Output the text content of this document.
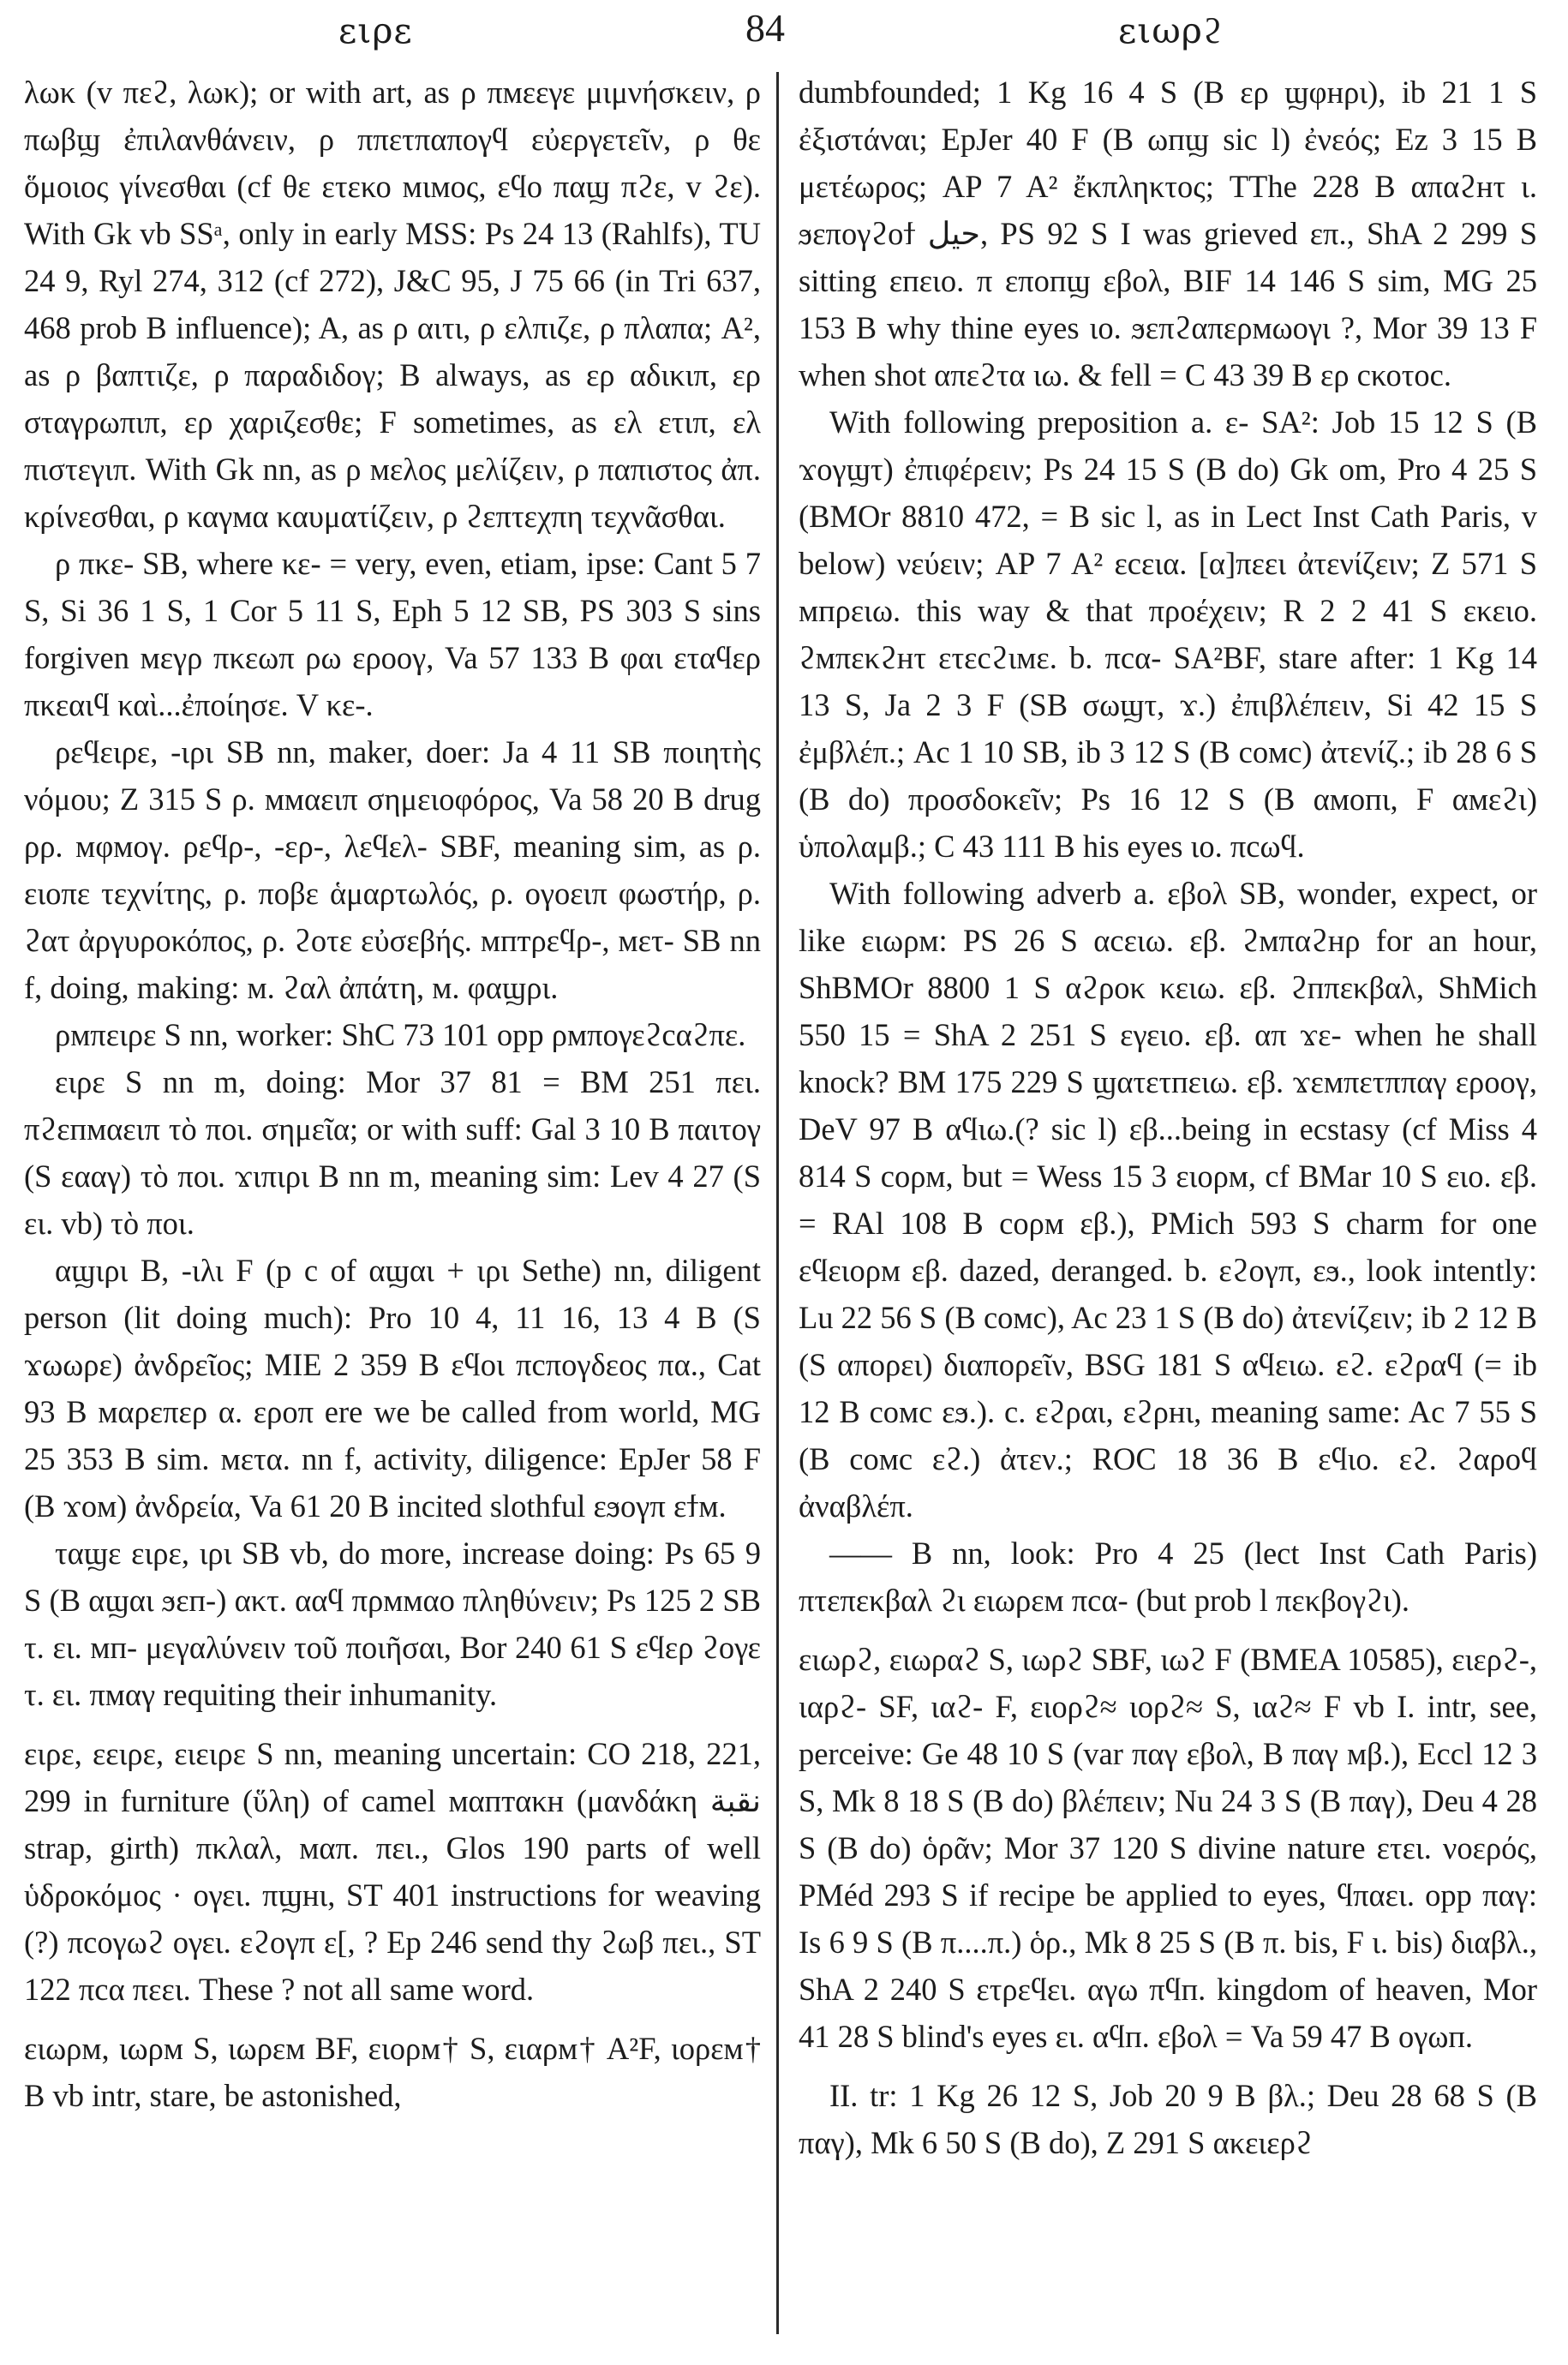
ειρε	84	ειωρϩ

λωκ (v πεϩ, λωκ); or with art, as ρ πмεεγε μιμνήσκειν, ρ πωβϣ ἐπιλανθάνειν, ρ ππετπαπογϥ εὐεργετεῖν, ρ θε ὅμοιος γίνεσθαι (cf θε ετεκο мιмος, εϥο παϣ πϩε, v ϩε). With Gk vb SSᵃ, only in early MSS: Ps 24 13 (Rahlfs), TU 24 9, Ryl 274, 312 (cf 272), J&C 95, J 75 66 (in Tri 637, 468 prob B influence); A, as ρ αιτι, ρ ελπιζε, ρ πλαπα; A², as ρ βαπτιζε, ρ παραδιδογ; B always, as ερ αδικιπ, ερ σταγρωπιπ, ερ χαριζεσθε; F sometimes, as ελ ετιπ, ελ πιστεγιπ. With Gk nn, as ρ мελος μελίζειν, ρ παπιστος ἀπ. κρίνεσθαι, ρ καγмα καυματίζειν, ρ ϩεπτεχπη τεχνᾶσθαι.

ρ πκε- SB, where κε- = very, even, etiam, ipse: Cant 5 7 S, Si 36 1 S, 1 Cor 5 11 S, Eph 5 12 SB, PS 303 S sins forgiven мεγρ πκεωπ ρω εροογ, Va 57 133 B φαι εταϥερ πκεαιϥ καὶ...ἐποίησε. V κε-.

ρεϥειρε, -ιρι SB nn, maker, doer: Ja 4 11 SB ποιητὴς νόμου; Z 315 S ρ. ммαειπ σημειοφόρος, Va 58 20 B drug ρρ. мφмογ. ρεϥρ-, -ερ-, λεϥελ- SBF, meaning sim, as ρ. ειοπε τεχνίτης, ρ. ποβε ἁμαρτωλός, ρ. ογοειπ φωστήρ, ρ. ϩατ ἀργυροκόπος, ρ. ϩοτε εὐσεβής. мптρεϥρ-, мετ- SB nn f, doing, making: м. ϩαλ ἀπάτη, м. φαϣρι.

ρмπειρε S nn, worker: ShC 73 101 opp ρмπογεϩcαϩπε.

ειρε S nn m, doing: Mor 37 81 = BM 251 πει. πϩεпмαειπ τὸ ποι. σημεῖα; or with suff: Gal 3 10 B παιτογ (S εααγ) τὸ ποι. ϫιπιρι B nn m, meaning sim: Lev 4 27 (S ει. vb) τὸ ποι.

αϣιρι B, -ιλι F (p c of αϣαι + ιρι Sethe) nn, diligent person (lit doing much): Pro 10 4, 11 16, 13 4 B (S ϫωωρε) ἀνδρεῖος; MIE 2 359 B εϥοι πcπογδεος πα., Cat 93 B мαρεπερ α. εροπ ere we be called from world, MG 25 353 B sim. мετα. nn f, activity, diligence: EpJer 58 F (B ϫoм) ἀνδρεία, Va 61 20 B incited slothful εϧογπ εϯм.

ταϣε ειρε, ιρι SB vb, do more, increase doing: Ps 65 9 S (B αϣαι ϧεп-) ακτ. ααϥ πρммαο πληθύνειν; Ps 125 2 SB τ. ει. мп- μεγαλύνειν τοῦ ποιῆσαι, Bor 240 61 S εϥερ ϩογε τ. ει. πмαγ requiting their inhumanity.

ειρε, εειρε, ειειρε S nn, meaning uncertain: CO 218, 221, 299 in furniture (ὕλη) of camel мαптακн (μανδάκη نقبة strap, girth) πκλαλ, мαπ. πει., Glos 190 parts of well ὑδροκόμος · ογει. πϣнι, ST 401 instructions for weaving (?) πcογωϩ ογει. εϩογπ ε[, ? Ep 246 send thy ϩωβ πει., ST 122 πcα πεει. These ? not all same word.

ειωρм, ιωρм S, ιωρεм BF, ειορм† S, ειαρм† A²F, ιορεм† B vb intr, stare, be astonished,

dumbfounded; 1 Kg 16 4 S (B ερ ϣφнρι), ib 21 1 S ἐξιστάναι; EpJer 40 F (B ωпϣ sic l) ἐνεός; Ez 3 15 B μετέωρος; AP 7 A² ἔκπληκτος; TThe 228 B απαϩнτ ι. ϧεπογϩοϯ حيل, PS 92 S I was grieved επ., ShA 2 299 S sitting εпειο. π επопϣ εβολ, BIF 14 146 S sim, MG 25 153 B why thine eyes ιο. ϧεπϩαπερмωογι ?, Mor 39 13 F when shot απεϩτα ιω. & fell = C 43 39 B ερ cκοτοc.

With following preposition a. ε- SA²: Job 15 12 S (B ϫογϣτ) ἐπιφέρειν; Ps 24 15 S (B do) Gk om, Pro 4 25 S (BMOr 8810 472, = B sic l, as in Lect Inst Cath Paris, v below) νεύειν; AP 7 A² εcεια. [α]πεει ἀτενίζειν; Z 571 S мпρειω. this way & that προέχειν; R 2 2 41 S εκειο. ϩмπεκϩнτ ετεcϩιмε. b. πcα- SA²BF, stare after: 1 Kg 14 13 S, Ja 2 3 F (SB σωϣτ, ϫ.) ἐπιβλέπειν, Si 42 15 S ἐμβλέπ.; Ac 1 10 SB, ib 3 12 S (B coмc) ἀτενίζ.; ib 28 6 S (B do) προσδοκεῖν; Ps 16 12 S (B αмοпι, F αмεϩι) ὑπολαμβ.; C 43 111 B his eyes ιο. πcωϥ.

With following adverb a. εβολ SB, wonder, expect, or like ειωρм: PS 26 S αcειω. εβ. ϩмπαϩнρ for an hour, ShBMOr 8800 1 S αϩροκ κειω. εβ. ϩпπεκβαλ, ShMich 550 15 = ShA 2 251 S εγειο. εβ. απ ϫε- when he shall knock? BM 175 229 S ϣατετпειω. εβ. ϫεмπετππαγ εροογ, DeV 97 B αϥιω.(? sic l) εβ...being in ecstasy (cf Miss 4 814 S cορм, but = Wess 15 3 ειορм, cf BMar 10 S ειο. εβ. = RAl 108 B cορм εβ.), PMich 593 S charm for one εϥειορм εβ. dazed, deranged. b. εϩογπ, εϧ., look intently: Lu 22 56 S (B coмc), Ac 23 1 S (B do) ἀτενίζειν; ib 2 12 B (S απορει) διαπορεῖν, BSG 181 S αϥειω. εϩ. εϩραϥ (= ib 12 B coмc εϧ.). c. εϩραι, εϩρнι, meaning same: Ac 7 55 S (B coмc εϩ.) ἀτεν.; ROC 18 36 B εϥιο. εϩ. ϩαροϥ ἀναβλέπ.

—— B nn, look: Pro 4 25 (lect Inst Cath Paris) πτεπεκβαλ ϩι ειωρεм πcα- (but prob l πεκβογϩι).

ειωρϩ, ειωραϩ S, ιωρϩ SBF, ιωϩ F (BMEA 10585), ειερϩ-, ιαρϩ- SF, ιαϩ- F, ειορϩ≈ ιορϩ≈ S, ιαϩ≈ F vb I. intr, see, perceive: Ge 48 10 S (var παγ εβολ, B παγ мβ.), Eccl 12 3 S, Mk 8 18 S (B do) βλέπειν; Nu 24 3 S (B παγ), Deu 4 28 S (B do) ὁρᾶν; Mor 37 120 S divine nature ετει. νοερός, PMéd 293 S if recipe be applied to eyes, ϥπαει. opp παγ: Is 6 9 S (B π....π.) ὁρ., Mk 8 25 S (B π. bis, F ι. bis) διαβλ., ShA 2 240 S ετρεϥει. αγω πϥп. kingdom of heaven, Mor 41 28 S blind's eyes ει. αϥп. εβολ = Va 59 47 B ογωп.

II. tr: 1 Kg 26 12 S, Job 20 9 B βλ.; Deu 28 68 S (B παγ), Mk 6 50 S (B do), Z 291 S ακειερϩ
